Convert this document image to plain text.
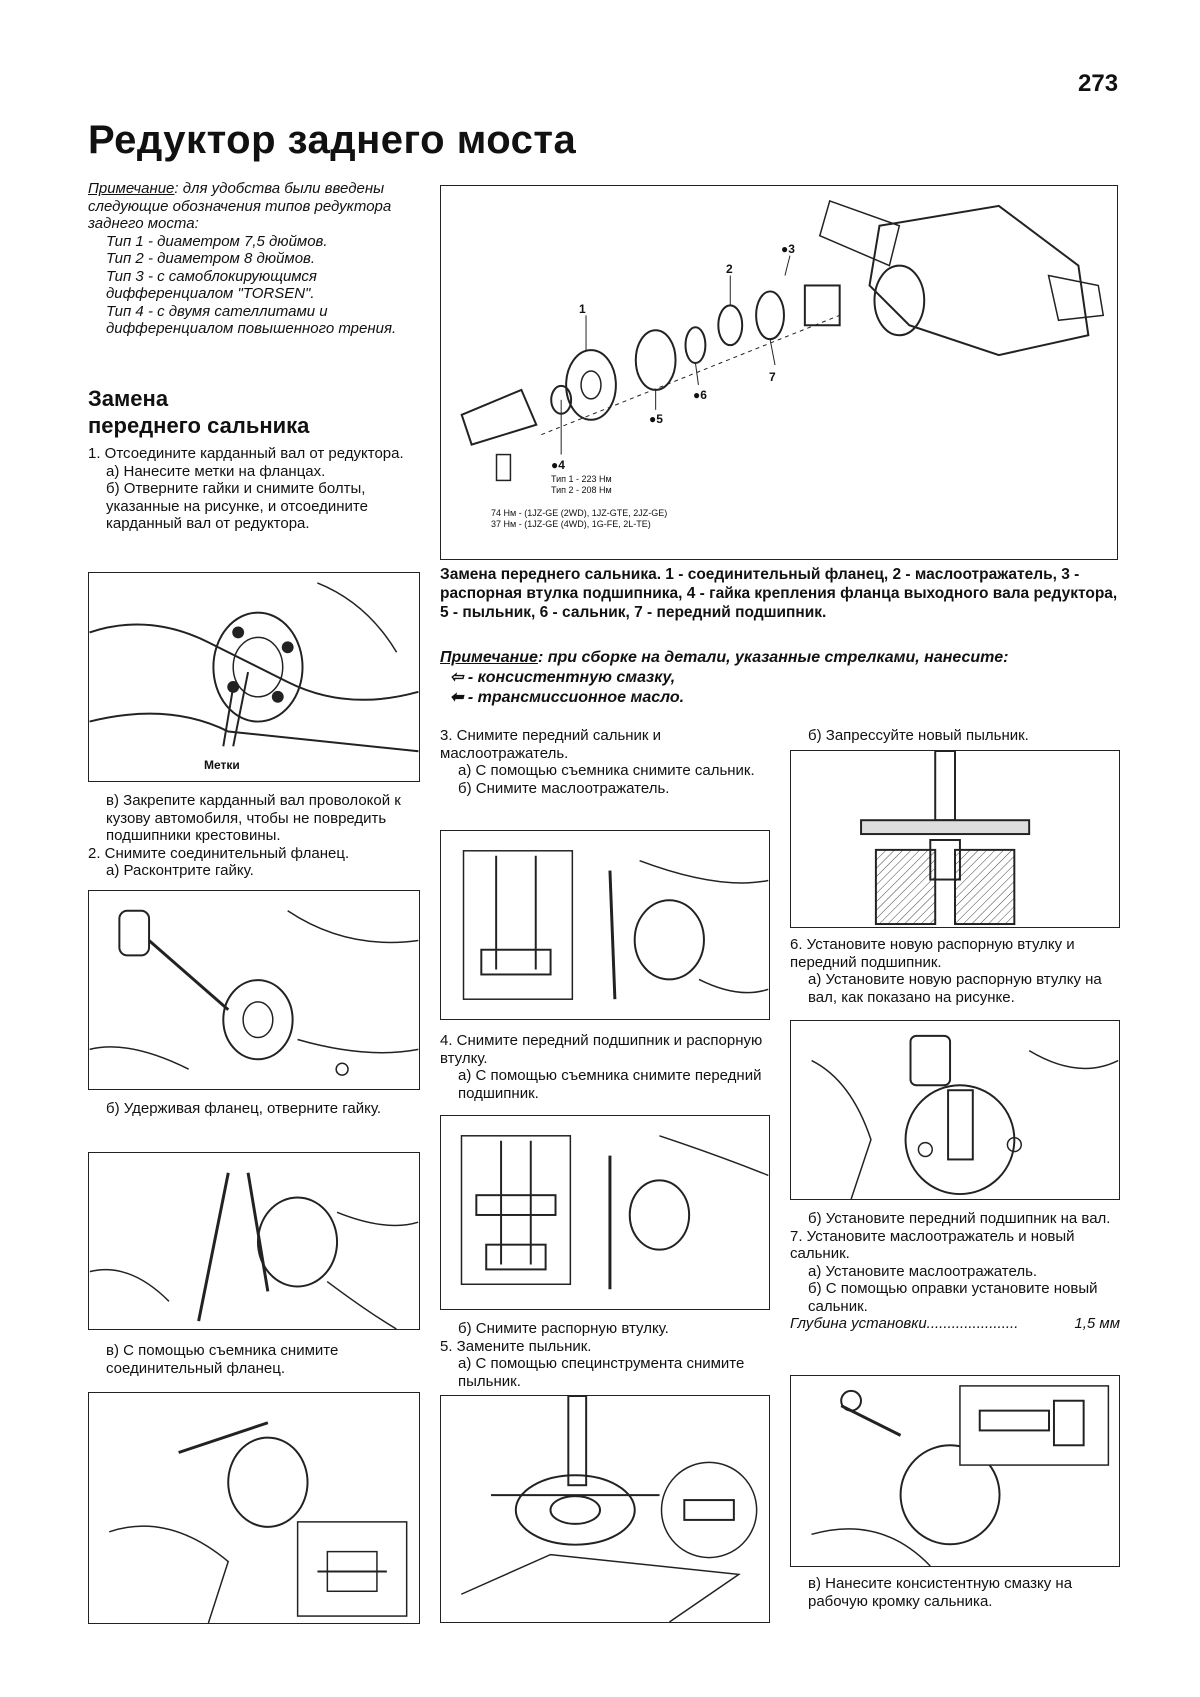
273
Редуктор заднего моста
Примечание: для удобства были введены следующие обозначения типов редуктора заднего моста:
Тип 1 - диаметром 7,5 дюймов.
Тип 2 - диаметром 8 дюймов.
Тип 3 - с самоблокирующимся дифференциалом "TORSEN".
Тип 4 - с двумя сателлитами и дифференциалом повышенного трения.
Замена
переднего сальника
1. Отсоедините карданный вал от редуктора.
а) Нанесите метки на фланцах.
б) Отверните гайки и снимите болты, указанные на рисунке, и отсоедините карданный вал от редуктора.
Метки
в) Закрепите карданный вал проволокой к кузову автомобиля, чтобы не повредить подшипники крестовины.
2. Снимите соединительный фланец.
а) Расконтрите гайку.
б) Удерживая фланец, отверните гайку.
в) С помощью съемника снимите соединительный фланец.
1
2
●3
●4
●5
●6
7
Тип 1 - 223 Нм
Тип 2 - 208 Нм
74 Нм - (1JZ-GE (2WD), 1JZ-GTE, 2JZ-GE)
37 Нм - (1JZ-GE (4WD), 1G-FE, 2L-TE)
Замена переднего сальника. 1 - соединительный фланец, 2 - маслоотражатель, 3 - распорная втулка подшипника, 4 - гайка крепления фланца выходного вала редуктора, 5 - пыльник, 6 - сальник, 7 - передний подшипник.
Примечание: при сборке на детали, указанные стрелками, нанесите:
⇦ - консистентную смазку,
⬅ - трансмиссионное масло.
3. Снимите передний сальник и маслоотражатель.
а) С помощью съемника снимите сальник.
б) Снимите маслоотражатель.
4. Снимите передний подшипник и распорную втулку.
а) С помощью съемника снимите передний подшипник.
б) Снимите распорную втулку.
5. Замените пыльник.
а) С помощью специнструмента снимите пыльник.
б) Запрессуйте новый пыльник.
6. Установите новую распорную втулку и передний подшипник.
а) Установите новую распорную втулку на вал, как показано на рисунке.
б) Установите передний подшипник на вал.
7. Установите маслоотражатель и новый сальник.
а) Установите маслоотражатель.
б) С помощью оправки установите новый сальник.
Глубина установки......................	1,5 мм
в) Нанесите консистентную смазку на рабочую кромку сальника.
